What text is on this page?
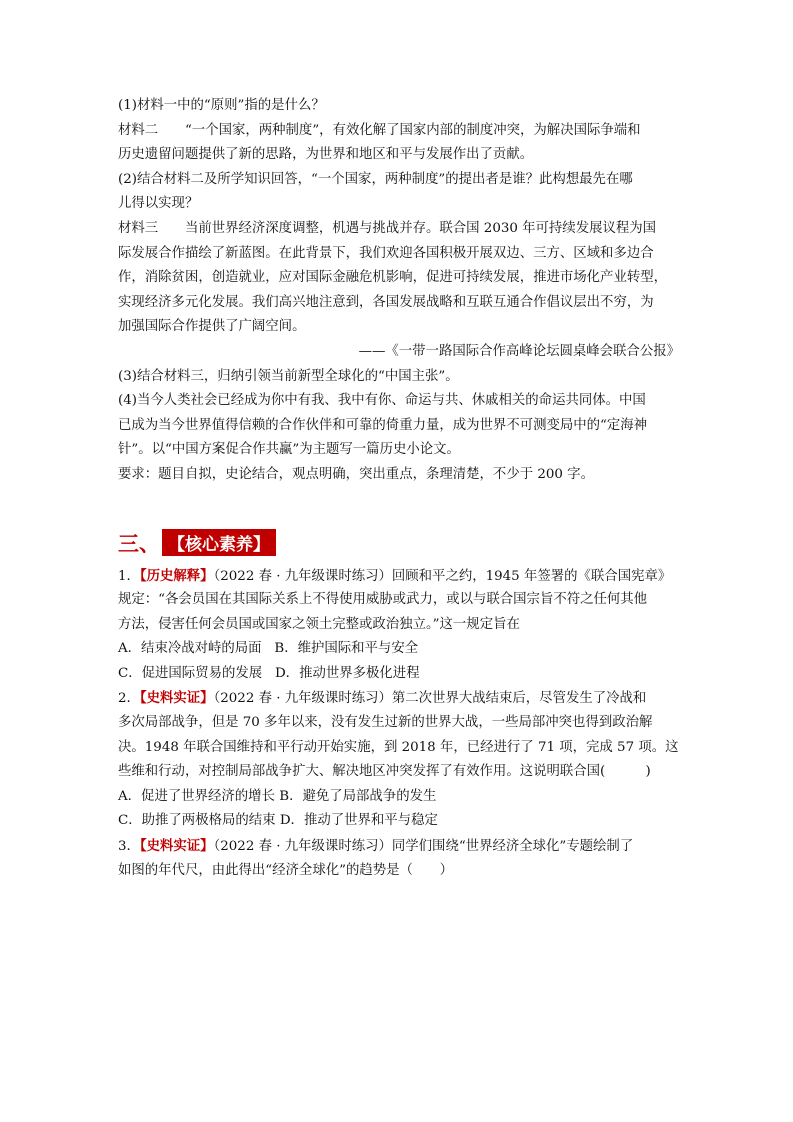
(1)材料一中的“原则”指的是什么？
材料二　　“一个国家，两种制度”，有效化解了国家内部的制度冲突，为解决国际争端和
历史遗留问题提供了新的思路，为世界和地区和平与发展作出了贡献。
(2)结合材料二及所学知识回答，“一个国家，两种制度”的提出者是谁？此构想最先在哪
儿得以实现？
材料三　　当前世界经济深度调整，机遇与挑战并存。联合国 2030 年可持续发展议程为国
际发展合作描绘了新蓝图。在此背景下，我们欢迎各国积极开展双边、三方、区域和多边合
作，消除贫困，创造就业，应对国际金融危机影响，促进可持续发展，推进市场化产业转型，
实现经济多元化发展。我们高兴地注意到，各国发展战略和互联互通合作倡议层出不穷，为
加强国际合作提供了广阔空间。
——《一带一路国际合作高峰论坛圆桌峰会联合公报》
(3)结合材料三，归纳引领当前新型全球化的“中国主张”。
(4)当今人类社会已经成为你中有我、我中有你、命运与共、休戚相关的命运共同体。中国
已成为当今世界值得信赖的合作伙伴和可靠的倚重力量，成为世界不可测变局中的“定海神
针”。以“中国方案促合作共赢”为主题写一篇历史小论文。
要求：题目自拟，史论结合，观点明确，突出重点，条理清楚，不少于 200 字。
三、 【核心素养】
1．【历史解释】（2022 春 · 九年级课时练习）回顾和平之约，1945 年签署的《联合国宪章》
规定：“各会员国在其国际关系上不得使用威胁或武力，或以与联合国宗旨不符之任何其他
方法，侵害任何会员国或国家之领土完整或政治独立。”这一规定旨在
A．结束冷战对峙的局面 B．维护国际和平与安全
C．促进国际贸易的发展 D．推动世界多极化进程
2．【史料实证】（2022 春 · 九年级课时练习）第二次世界大战结束后，尽管发生了冷战和
多次局部战争，但是 70 多年以来，没有发生过新的世界大战，一些局部冲突也得到政治解
决。1948 年联合国维持和平行动开始实施，到 2018 年，已经进行了 71 项，完成 57 项。这
些维和行动，对控制局部战争扩大、解决地区冲突发挥了有效作用。这说明联合国(　　　)
A．促进了世界经济的增长 B．避免了局部战争的发生
C．助推了两极格局的结束 D．推动了世界和平与稳定
3．【史料实证】（2022 春 · 九年级课时练习）同学们围绕“世界经济全球化”专题绘制了
如图的年代尺，由此得出“经济全球化”的趋势是（　　）
